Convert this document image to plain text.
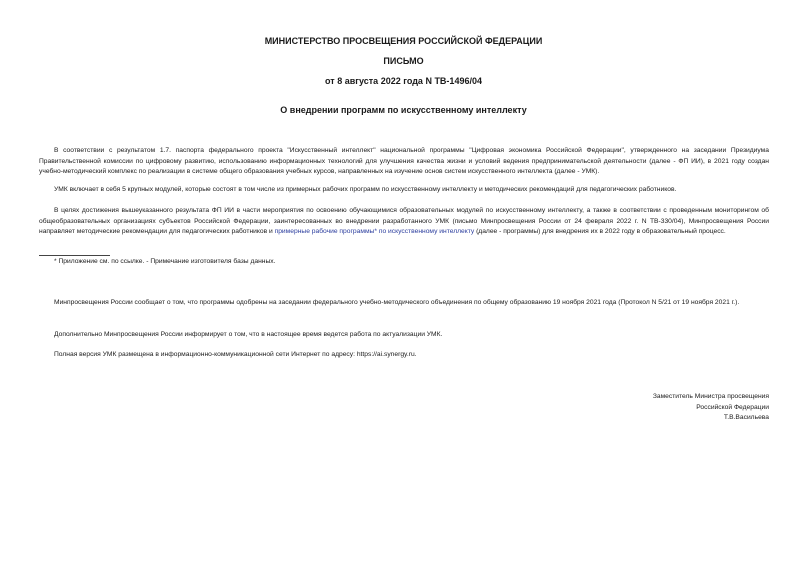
МИНИСТЕРСТВО ПРОСВЕЩЕНИЯ РОССИЙСКОЙ ФЕДЕРАЦИИ
ПИСЬМО
от 8 августа 2022 года N ТВ-1496/04
О внедрении программ по искусственному интеллекту
В соответствии с результатом 1.7. паспорта федерального проекта "Искусственный интеллект" национальной программы "Цифровая экономика Российской Федерации", утвержденного на заседании Президиума Правительственной комиссии по цифровому развитию, использованию информационных технологий для улучшения качества жизни и условий ведения предпринимательской деятельности (далее - ФП ИИ), в 2021 году создан учебно-методический комплекс по реализации в системе общего образования учебных курсов, направленных на изучение основ систем искусственного интеллекта (далее - УМК).
УМК включает в себя 5 крупных модулей, которые состоят в том числе из примерных рабочих программ по искусственному интеллекту и методических рекомендаций для педагогических работников.
В целях достижения вышеуказанного результата ФП ИИ в части мероприятия по освоению обучающимися образовательных модулей по искусственному интеллекту, а также в соответствии с проведенным мониторингом об общеобразовательных организациях субъектов Российской Федерации, заинтересованных во внедрении разработанного УМК (письмо Минпросвещения России от 24 февраля 2022 г. N ТВ-330/04), Минпросвещения России направляет методические рекомендации для педагогических работников и примерные рабочие программы* по искусственному интеллекту (далее - программы) для внедрения их в 2022 году в образовательный процесс.
* Приложение см. по ссылке. - Примечание изготовителя базы данных.
Минпросвещения России сообщает о том, что программы одобрены на заседании федерального учебно-методического объединения по общему образованию 19 ноября 2021 года (Протокол N 5/21 от 19 ноября 2021 г.).
Дополнительно Минпросвещения России информирует о том, что в настоящее время ведется работа по актуализации УМК.
Полная версия УМК размещена в информационно-коммуникационной сети Интернет по адресу: https://ai.synergy.ru.
Заместитель Министра просвещения
Российской Федерации
Т.В.Васильева
